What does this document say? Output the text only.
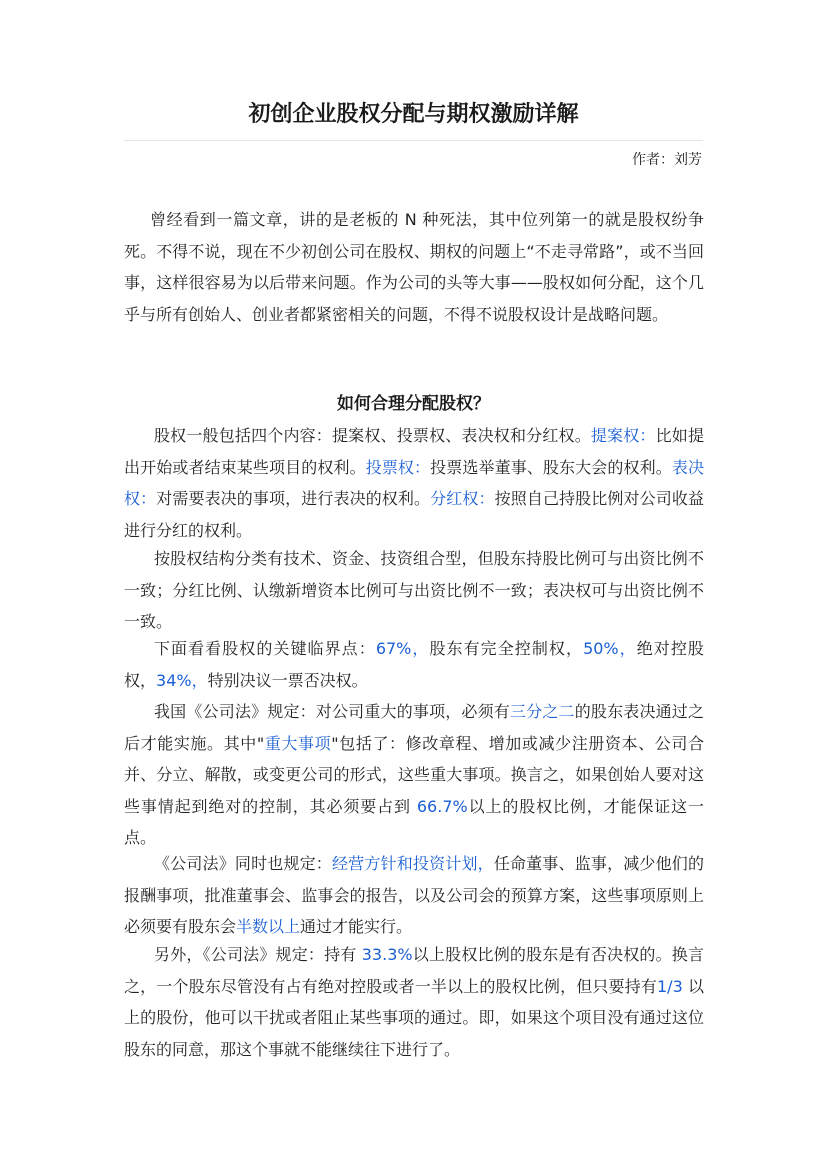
初创企业股权分配与期权激励详解
作者：刘芳

曾经看到一篇文章，讲的是老板的 N 种死法，其中位列第一的就是股权纷争死。不得不说，现在不少初创公司在股权、期权的问题上“不走寻常路”，或不当回事，这样很容易为以后带来问题。作为公司的头等大事——股权如何分配，这个几乎与所有创始人、创业者都紧密相关的问题，不得不说股权设计是战略问题。

如何合理分配股权？

股权一般包括四个内容：提案权、投票权、表决权和分红权。提案权：比如提出开始或者结束某些项目的权利。投票权：投票选举董事、股东大会的权利。表决权：对需要表决的事项，进行表决的权利。分红权：按照自己持股比例对公司收益进行分红的权利。

按股权结构分类有技术、资金、技资组合型，但股东持股比例可与出资比例不一致；分红比例、认缴新增资本比例可与出资比例不一致；表决权可与出资比例不一致。

下面看看股权的关键临界点：67%，股东有完全控制权，50%，绝对控股权，34%，特别决议一票否决权。

我国《公司法》规定：对公司重大的事项，必须有三分之二的股东表决通过之后才能实施。其中"重大事项"包括了：修改章程、增加或减少注册资本、公司合并、分立、解散，或变更公司的形式，这些重大事项。换言之，如果创始人要对这些事情起到绝对的控制，其必须要占到 66.7%以上的股权比例，才能保证这一点。

《公司法》同时也规定：经营方针和投资计划，任命董事、监事，减少他们的报酬事项，批准董事会、监事会的报告，以及公司会的预算方案，这些事项原则上必须要有股东会半数以上通过才能实行。

另外，《公司法》规定：持有 33.3%以上股权比例的股东是有否决权的。换言之，一个股东尽管没有占有绝对控股或者一半以上的股权比例，但只要持有1/3 以上的股份，他可以干扰或者阻止某些事项的通过。即，如果这个项目没有通过这位股东的同意，那这个事就不能继续往下进行了。
